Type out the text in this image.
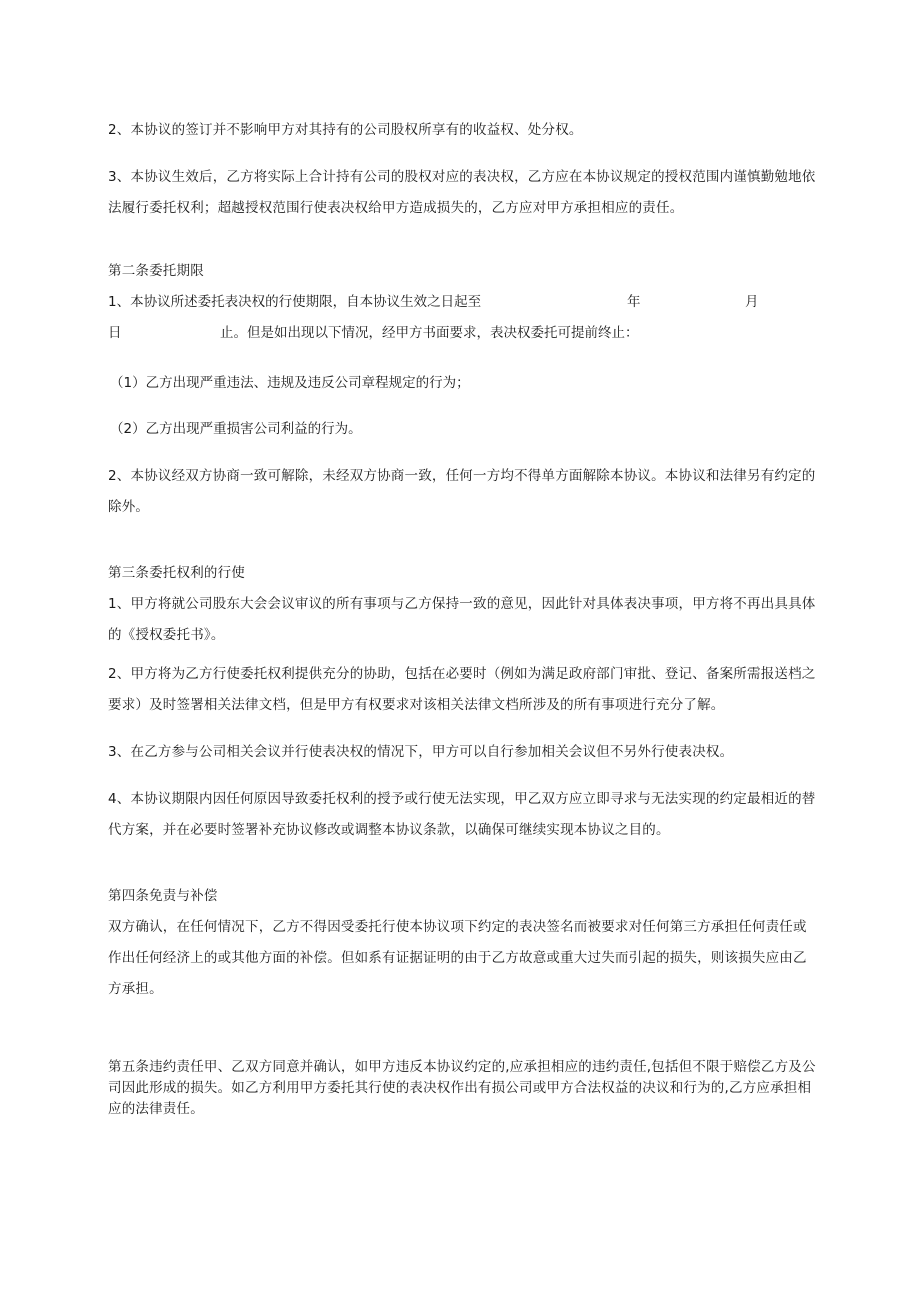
2、本协议的签订并不影响甲方对其持有的公司股权所享有的收益权、处分权。
3、本协议生效后，乙方将实际上合计持有公司的股权对应的表决权，乙方应在本协议规定的授权范围内谨慎勤勉地依法履行委托权利；超越授权范围行使表决权给甲方造成损失的，乙方应对甲方承担相应的责任。
第二条委托期限
1、本协议所述委托表决权的行使期限，自本协议生效之日起至	年	月
日	止。但是如出现以下情况，经甲方书面要求，表决权委托可提前终止：
（1）乙方出现严重违法、违规及违反公司章程规定的行为；
（2）乙方出现严重损害公司利益的行为。
2、本协议经双方协商一致可解除，未经双方协商一致，任何一方均不得单方面解除本协议。本协议和法律另有约定的除外。
第三条委托权利的行使
1、甲方将就公司股东大会会议审议的所有事项与乙方保持一致的意见，因此针对具体表决事项，甲方将不再出具具体的《授权委托书》。
2、甲方将为乙方行使委托权利提供充分的协助，包括在必要时（例如为满足政府部门审批、登记、备案所需报送档之要求）及时签署相关法律文档，但是甲方有权要求对该相关法律文档所涉及的所有事项进行充分了解。
3、在乙方参与公司相关会议并行使表决权的情况下，甲方可以自行参加相关会议但不另外行使表决权。
4、本协议期限内因任何原因导致委托权利的授予或行使无法实现，甲乙双方应立即寻求与无法实现的约定最相近的替代方案，并在必要时签署补充协议修改或调整本协议条款，以确保可继续实现本协议之目的。
第四条免责与补偿
双方确认，在任何情况下，乙方不得因受委托行使本协议项下约定的表决签名而被要求对任何第三方承担任何责任或作出任何经济上的或其他方面的补偿。但如系有证据证明的由于乙方故意或重大过失而引起的损失，则该损失应由乙方承担。
第五条违约责任甲、乙双方同意并确认，如甲方违反本协议约定的,应承担相应的违约责任,包括但不限于赔偿乙方及公司因此形成的损失。如乙方利用甲方委托其行使的表决权作出有损公司或甲方合法权益的决议和行为的,乙方应承担相应的法律责任。
